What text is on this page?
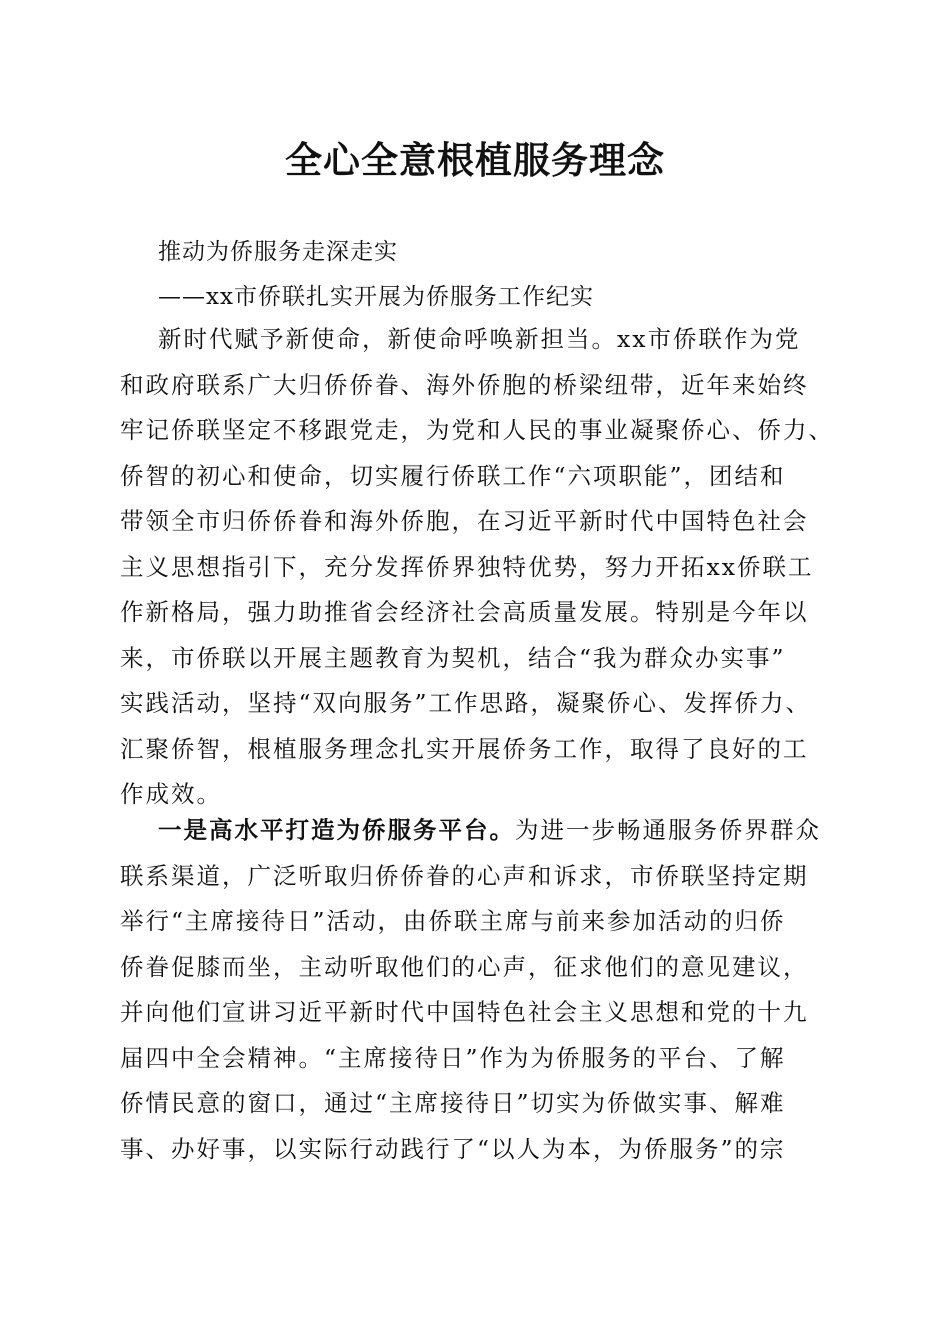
全心全意根植服务理念

推动为侨服务走深走实

——xx市侨联扎实开展为侨服务工作纪实

新时代赋予新使命，新使命呼唤新担当。xx市侨联作为党
和政府联系广大归侨侨眷、海外侨胞的桥梁纽带，近年来始终
牢记侨联坚定不移跟党走，为党和人民的事业凝聚侨心、侨力、
侨智的初心和使命，切实履行侨联工作“六项职能”，团结和
带领全市归侨侨眷和海外侨胞，在习近平新时代中国特色社会
主义思想指引下，充分发挥侨界独特优势，努力开拓xx侨联工
作新格局，强力助推省会经济社会高质量发展。特别是今年以
来，市侨联以开展主题教育为契机，结合“我为群众办实事”
实践活动，坚持“双向服务”工作思路，凝聚侨心、发挥侨力、
汇聚侨智，根植服务理念扎实开展侨务工作，取得了良好的工
作成效。
一是高水平打造为侨服务平台。为进一步畅通服务侨界群众
联系渠道，广泛听取归侨侨眷的心声和诉求，市侨联坚持定期
举行“主席接待日”活动，由侨联主席与前来参加活动的归侨
侨眷促膝而坐，主动听取他们的心声，征求他们的意见建议，
并向他们宣讲习近平新时代中国特色社会主义思想和党的十九
届四中全会精神。“主席接待日”作为为侨服务的平台、了解
侨情民意的窗口，通过“主席接待日”切实为侨做实事、解难
事、办好事，以实际行动践行了“以人为本，为侨服务”的宗
